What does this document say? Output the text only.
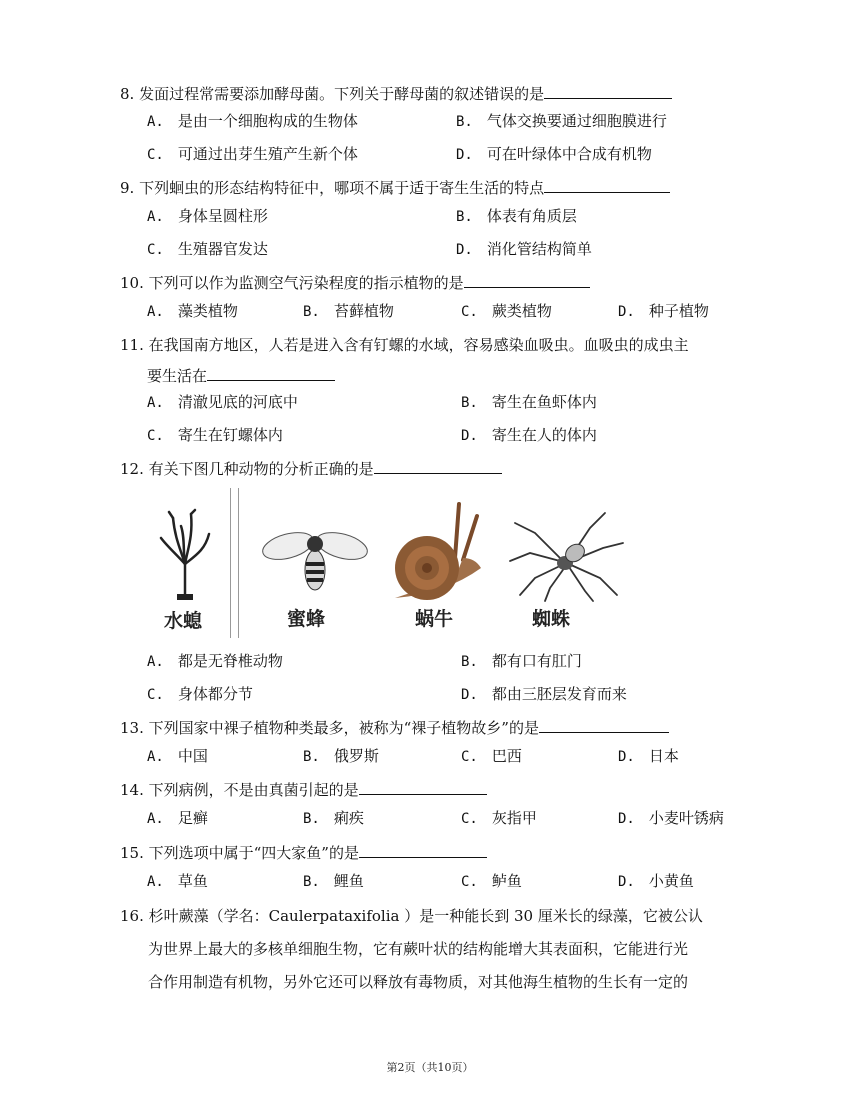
8. 发面过程常需要添加酵母菌。下列关于酵母菌的叙述错误的是
A. 是由一个细胞构成的生物体	B. 气体交换要通过细胞膜进行
C. 可通过出芽生殖产生新个体	D. 可在叶绿体中合成有机物
9. 下列蛔虫的形态结构特征中，哪项不属于适于寄生生活的特点
A. 身体呈圆柱形	B. 体表有角质层
C. 生殖器官发达	D. 消化管结构简单
10. 下列可以作为监测空气污染程度的指示植物的是
A. 藻类植物	B. 苔藓植物	C. 蕨类植物	D. 种子植物
11. 在我国南方地区，人若是进入含有钉螺的水域，容易感染血吸虫。血吸虫的成虫主
要生活在
A. 清澈见底的河底中	B. 寄生在鱼虾体内
C. 寄生在钉螺体内	D. 寄生在人的体内
12. 有关下图几种动物的分析正确的是
水螅	蜜蜂	蜗牛	蜘蛛
A. 都是无脊椎动物	B. 都有口有肛门
C. 身体都分节	D. 都由三胚层发育而来
13. 下列国家中裸子植物种类最多，被称为“裸子植物故乡”的是
A. 中国	B. 俄罗斯	C. 巴西	D. 日本
14. 下列病例，不是由真菌引起的是
A. 足癣	B. 痢疾	C. 灰指甲	D. 小麦叶锈病
15. 下列选项中属于“四大家鱼”的是
A. 草鱼	B. 鲤鱼	C. 鲈鱼	D. 小黄鱼
16. 杉叶蕨藻（学名：Caulerpataxifolia ）是一种能长到 30 厘米长的绿藻，它被公认
为世界上最大的多核单细胞生物，它有蕨叶状的结构能增大其表面积，它能进行光
合作用制造有机物，另外它还可以释放有毒物质，对其他海生植物的生长有一定的
第2页（共10页）
